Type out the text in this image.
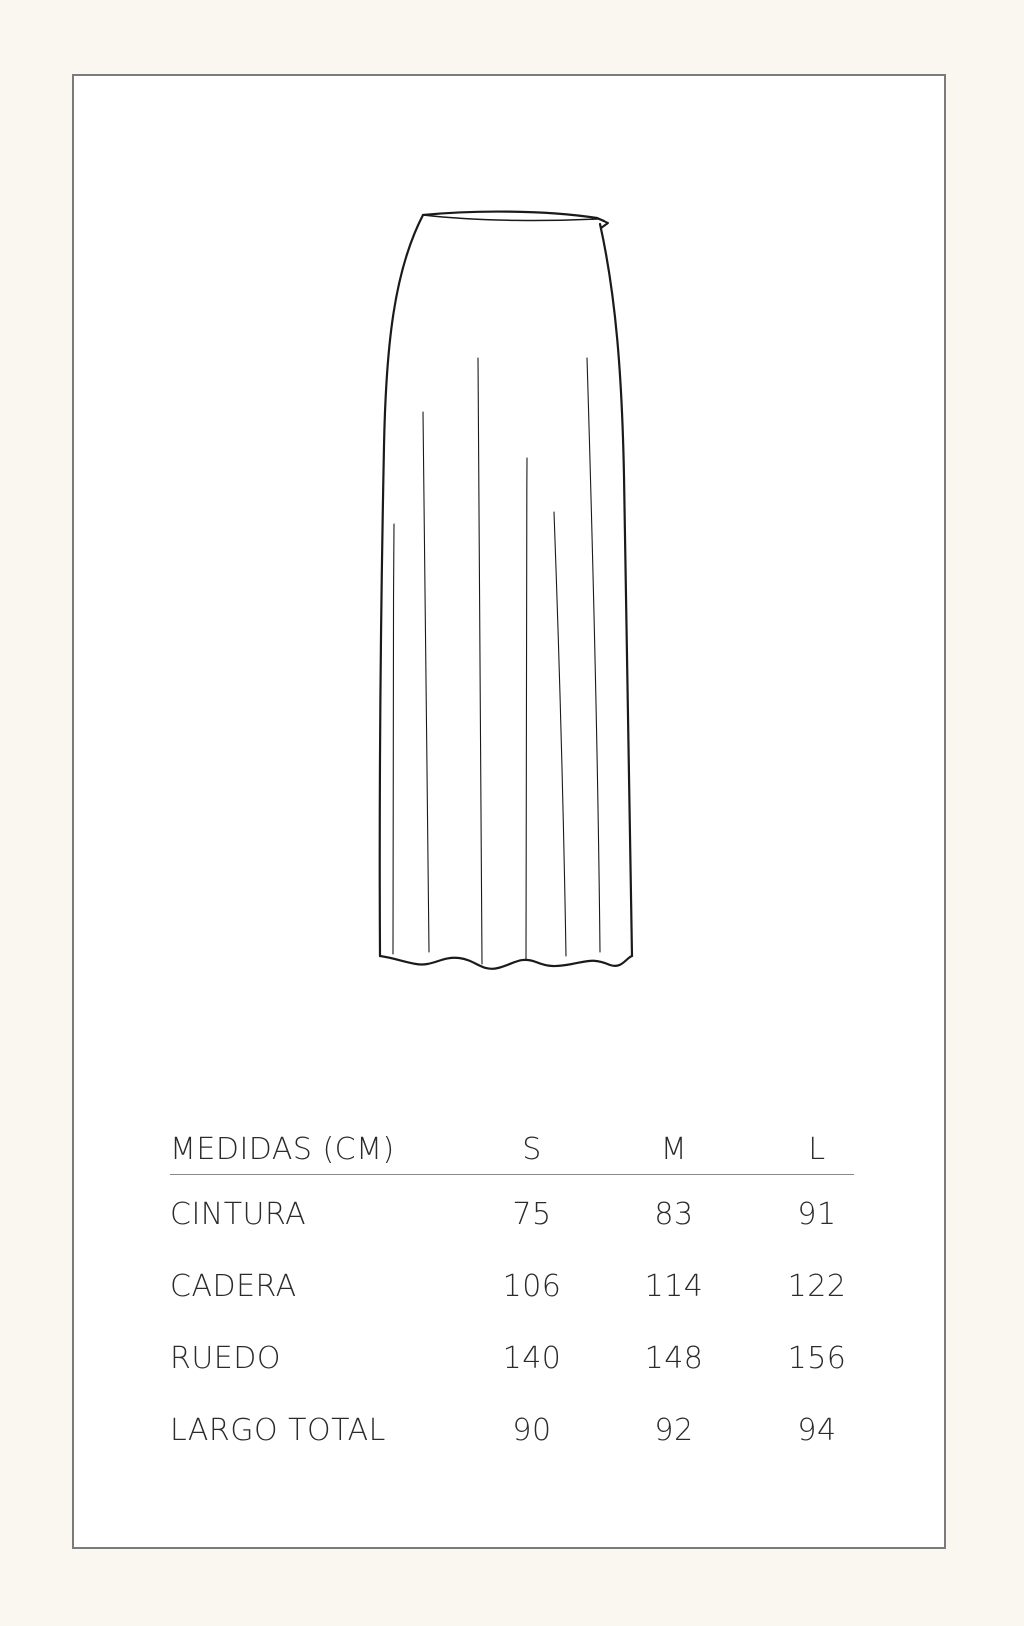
MEDIDAS (CM)	S	M	L
CINTURA	75	83	91
CADERA	106	114	122
RUEDO	140	148	156
LARGO TOTAL	90	92	94
